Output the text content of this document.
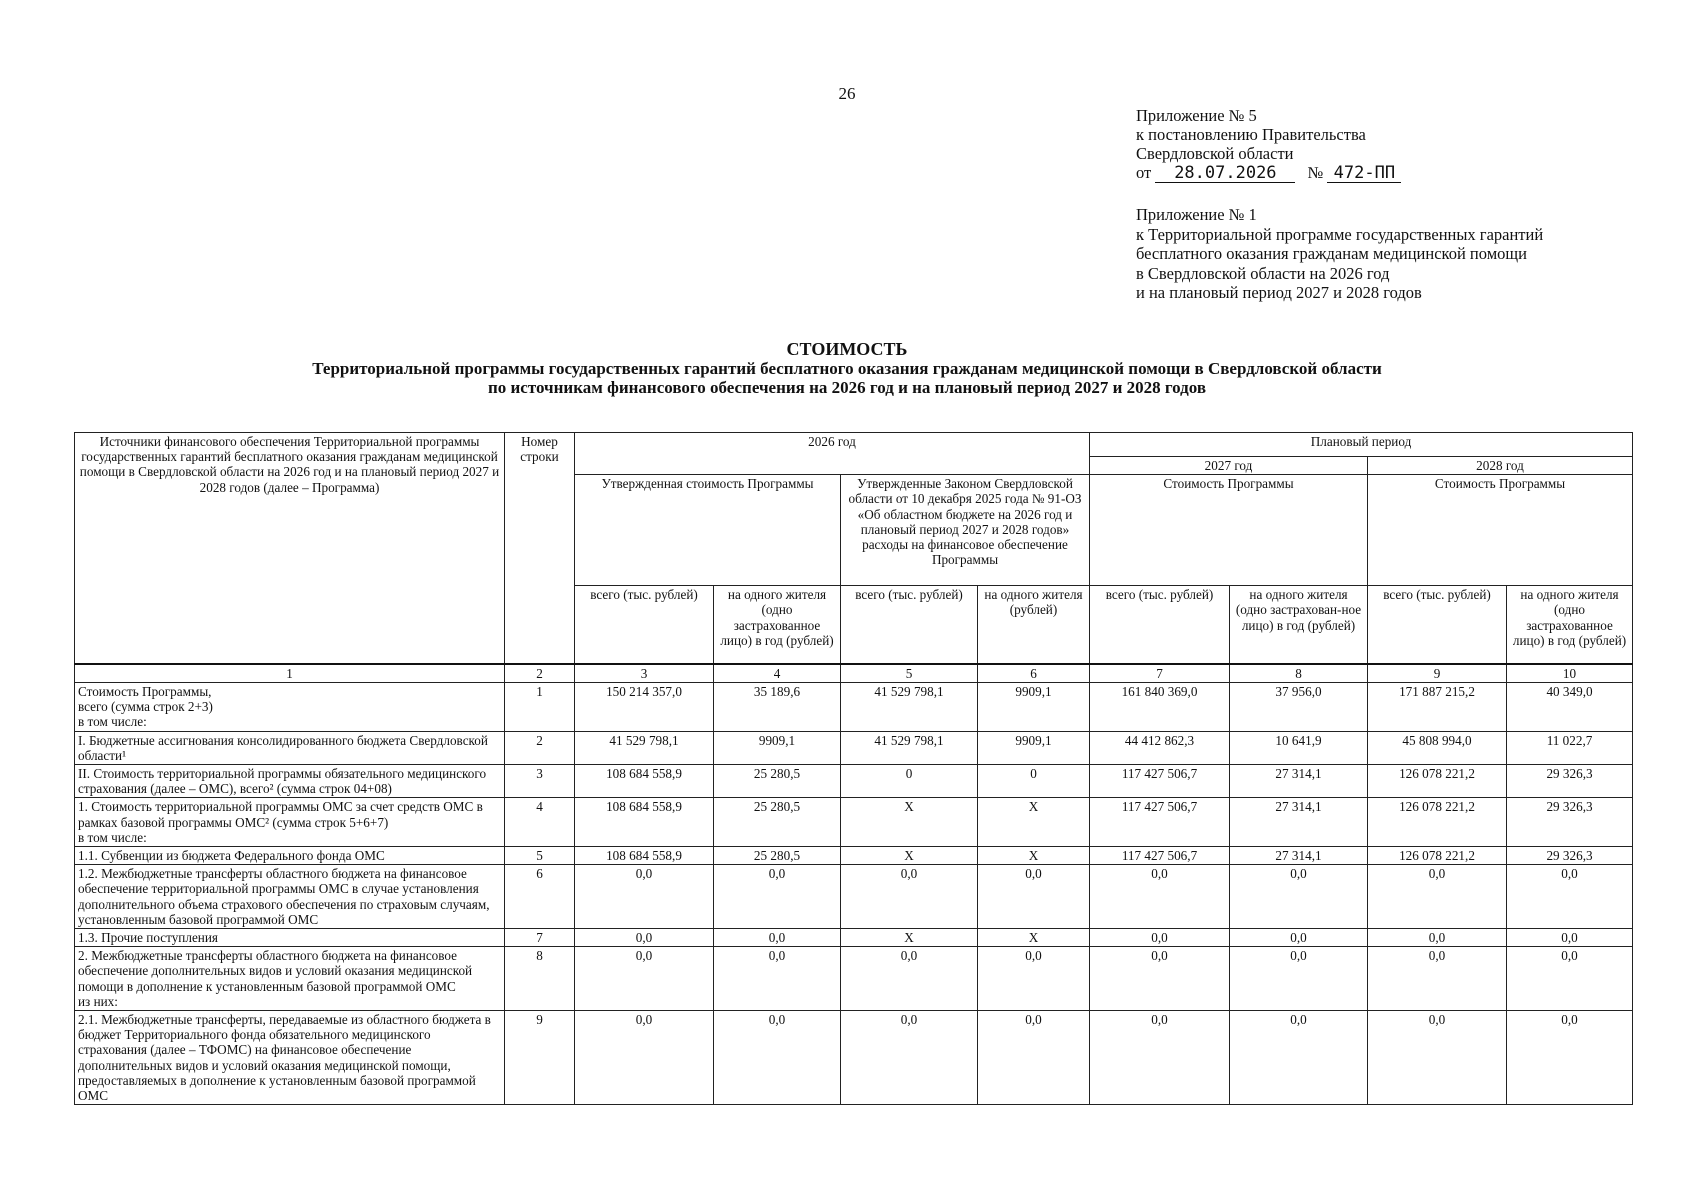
26
Приложение № 5
к постановлению Правительства
Свердловской области
от 28.07.2026 № 472-ПП
Приложение № 1
к Территориальной программе государственных гарантий
бесплатного оказания гражданам медицинской помощи
в Свердловской области на 2026 год
и на плановый период 2027 и 2028 годов
СТОИМОСТЬ
Территориальной программы государственных гарантий бесплатного оказания гражданам медицинской помощи в Свердловской области
по источникам финансового обеспечения на 2026 год и на плановый период 2027 и 2028 годов
Источники финансового обеспечения Территориальной программы государственных гарантий бесплатного оказания гражданам медицинской помощи в Свердловской области на 2026 год и на плановый период 2027 и 2028 годов (далее – Программа)	Номер строки	2026 год				Плановый период			
						2027 год		2028 год	
		Утвержденная стоимость Программы		Утвержденные Законом Свердловской области от 10 декабря 2025 года № 91-ОЗ «Об областном бюджете на 2026 год и плановый период 2027 и 2028 годов» расходы на финансовое обеспечение Программы		Стоимость Программы		Стоимость Программы	
		всего (тыс. рублей)	на одного жителя (одно застрахованное лицо) в год (рублей)	всего (тыс. рублей)	на одного жителя (рублей)	всего (тыс. рублей)	на одного жителя (одно застрахован-ное лицо) в год (рублей)	всего (тыс. рублей)	на одного жителя (одно застрахованное лицо) в год (рублей)
1	2	3	4	5	6	7	8	9	10
Стоимость Программы,
всего (сумма строк 2+3)
в том числе:	1	150 214 357,0	35 189,6	41 529 798,1	9909,1	161 840 369,0	37 956,0	171 887 215,2	40 349,0
I. Бюджетные ассигнования консолидированного бюджета Свердловской области¹	2	41 529 798,1	9909,1	41 529 798,1	9909,1	44 412 862,3	10 641,9	45 808 994,0	11 022,7
II. Стоимость территориальной программы обязательного медицинского страхования (далее – ОМС), всего² (сумма строк 04+08)	3	108 684 558,9	25 280,5	0	0	117 427 506,7	27 314,1	126 078 221,2	29 326,3
1. Стоимость территориальной программы ОМС за счет средств ОМС в рамках базовой программы ОМС² (сумма строк 5+6+7)
в том числе:	4	108 684 558,9	25 280,5	Х	Х	117 427 506,7	27 314,1	126 078 221,2	29 326,3
1.1. Субвенции из бюджета Федерального фонда ОМС	5	108 684 558,9	25 280,5	Х	Х	117 427 506,7	27 314,1	126 078 221,2	29 326,3
1.2. Межбюджетные трансферты областного бюджета на финансовое обеспечение территориальной программы ОМС в случае установления дополнительного объема страхового обеспечения по страховым случаям, установленным базовой программой ОМС	6	0,0	0,0	0,0	0,0	0,0	0,0	0,0	0,0
1.3. Прочие поступления	7	0,0	0,0	Х	Х	0,0	0,0	0,0	0,0
2. Межбюджетные трансферты областного бюджета на финансовое обеспечение дополнительных видов и условий оказания медицинской помощи в дополнение к установленным базовой программой ОМС
из них:	8	0,0	0,0	0,0	0,0	0,0	0,0	0,0	0,0
2.1. Межбюджетные трансферты, передаваемые из областного бюджета в бюджет Территориального фонда обязательного медицинского страхования (далее – ТФОМС) на финансовое обеспечение дополнительных видов и условий оказания медицинской помощи, предоставляемых в дополнение к установленным базовой программой ОМС	9	0,0	0,0	0,0	0,0	0,0	0,0	0,0	0,0
